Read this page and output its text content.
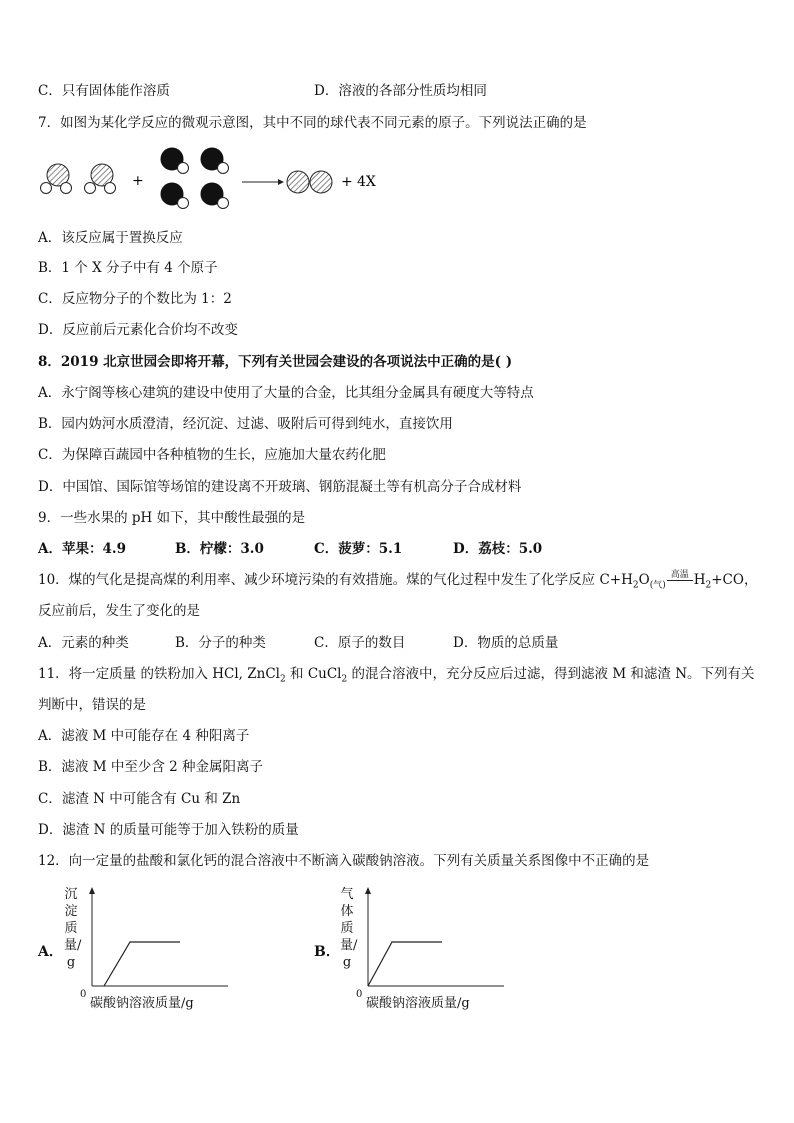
C．只有固体能作溶质	D．溶液的各部分性质均相同
7．如图为某化学反应的微观示意图，其中不同的球代表不同元素的原子。下列说法正确的是
+	+ 4X
A．该反应属于置换反应
B．1 个 X 分子中有 4 个原子
C．反应物分子的个数比为 1：2
D．反应前后元素化合价均不改变
8．2019 北京世园会即将开幕，下列有关世园会建设的各项说法中正确的是( )
A．永宁阁等核心建筑的建设中使用了大量的合金，比其组分金属具有硬度大等特点
B．园内妫河水质澄清，经沉淀、过滤、吸附后可得到纯水，直接饮用
C．为保障百蔬园中各种植物的生长，应施加大量农药化肥
D．中国馆、国际馆等场馆的建设离不开玻璃、钢筋混凝土等有机高分子合成材料
9．一些水果的 pH 如下，其中酸性最强的是
A．苹果：4.9	B．柠檬：3.0	C．菠萝：5.1	D．荔枝：5.0
10．煤的气化是提高煤的利用率、减少环境污染的有效措施。煤的气化过程中发生了化学反应 $C+H_2O_{(气)}$高温 $H_2+CO$，
反应前后，发生了变化的是
A．元素的种类	B．分子的种类	C．原子的数目	D．物质的总质量
11．将一定质量 的铁粉加入 HCl, ZnCl$_2$ 和 CuCl$_2$ 的混合溶液中，充分反应后过滤，得到滤液 M 和滤渣 N。下列有关
判断中，错误的是
A．滤液 M 中可能存在 4 种阳离子
B．滤液 M 中至少含 2 种金属阳离子
C．滤渣 N 中可能含有 Cu 和 Zn
D．滤渣 N 的质量可能等于加入铁粉的质量
12．向一定量的盐酸和氯化钙的混合溶液中不断滴入碳酸钠溶液。下列有关质量关系图像中不正确的是
A．
沉淀质量/g
0
碳酸钠溶液质量/g
B．
气体质量/g
0
碳酸钠溶液质量/g
